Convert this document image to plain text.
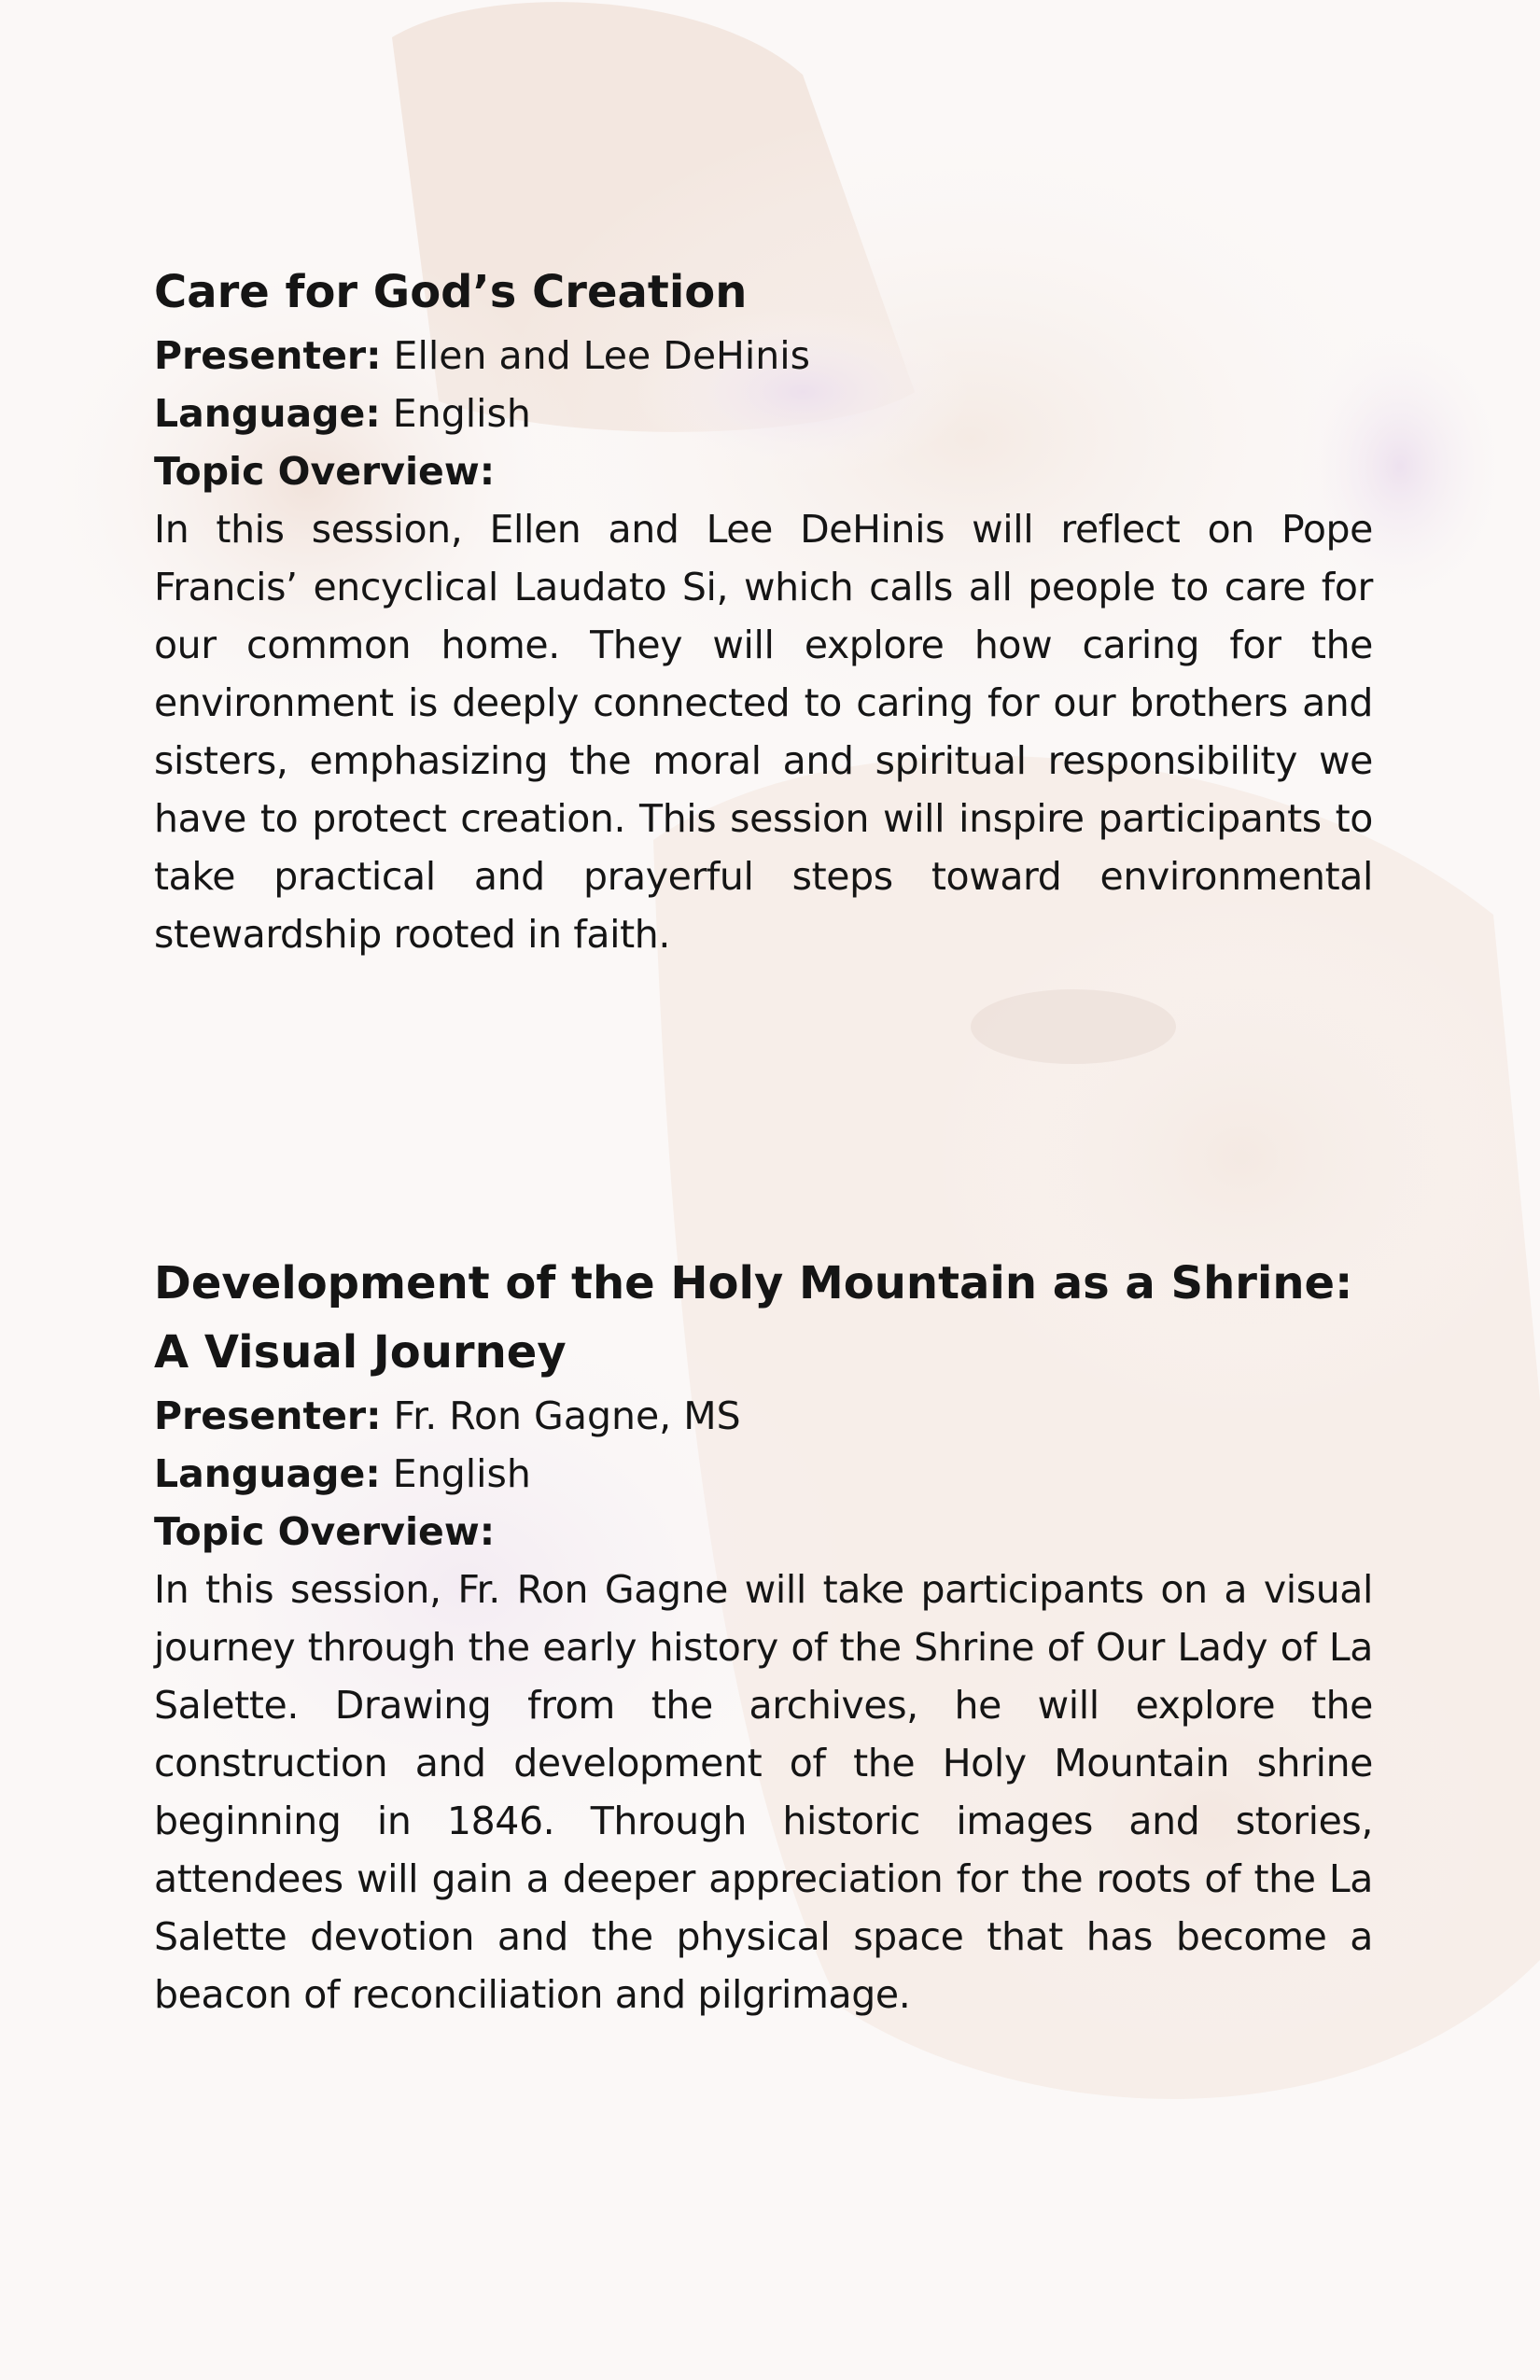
Care for God’s Creation

Presenter: Ellen and Lee DeHinis

Language: English

Topic Overview:

In this session, Ellen and Lee DeHinis will reflect on Pope Francis’ encyclical Laudato Si, which calls all people to care for our common home. They will explore how caring for the environment is deeply connected to caring for our brothers and sisters, emphasizing the moral and spiritual responsibility we have to protect creation. This session will inspire participants to take practical and prayerful steps toward environmental stewardship rooted in faith.

Development of the Holy Mountain as a Shrine: A Visual Journey

Presenter: Fr. Ron Gagne, MS

Language: English

Topic Overview:

In this session, Fr. Ron Gagne will take participants on a visual journey through the early history of the Shrine of Our Lady of La Salette. Drawing from the archives, he will explore the construction and development of the Holy Mountain shrine beginning in 1846. Through historic images and stories, attendees will gain a deeper appreciation for the roots of the La Salette devotion and the physical space that has become a beacon of reconciliation and pilgrimage.
